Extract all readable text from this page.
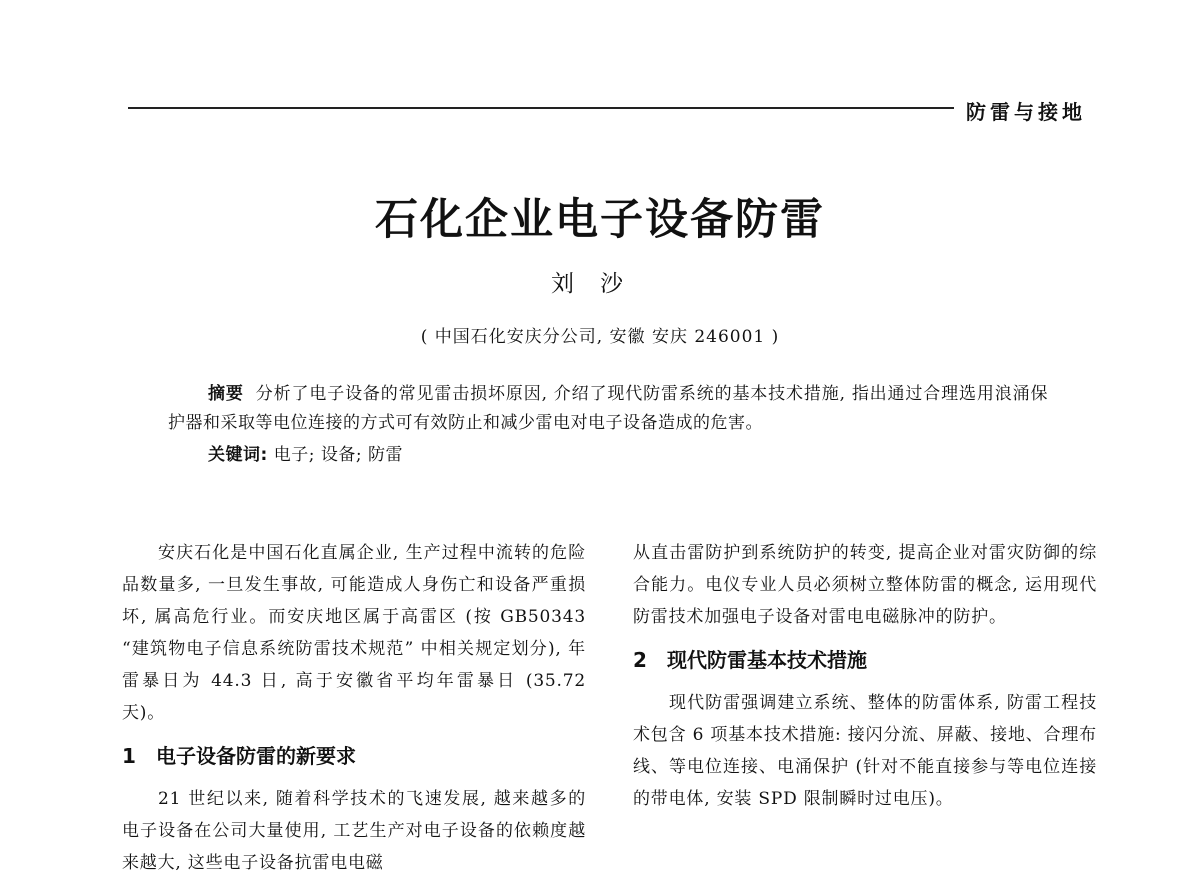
防雷与接地
石化企业电子设备防雷
刘沙
( 中国石化安庆分公司, 安徽 安庆 246001 )

摘要 分析了电子设备的常见雷击损坏原因, 介绍了现代防雷系统的基本技术措施, 指出通过合理选用浪涌保护器和采取等电位连接的方式可有效防止和减少雷电对电子设备造成的危害。

关键词: 电子; 设备; 防雷

安庆石化是中国石化直属企业, 生产过程中流转的危险品数量多, 一旦发生事故, 可能造成人身伤亡和设备严重损坏, 属高危行业。而安庆地区属于高雷区 (按 GB50343 “建筑物电子信息系统防雷技术规范” 中相关规定划分), 年雷暴日为 44.3 日, 高于安徽省平均年雷暴日 (35.72 天)。

1 电子设备防雷的新要求

21 世纪以来, 随着科学技术的飞速发展, 越来越多的电子设备在公司大量使用, 工艺生产对电子设备的依赖度越来越大, 这些电子设备抗雷电电磁

从直击雷防护到系统防护的转变, 提高企业对雷灾防御的综合能力。电仪专业人员必须树立整体防雷的概念, 运用现代防雷技术加强电子设备对雷电电磁脉冲的防护。

2 现代防雷基本技术措施

现代防雷强调建立系统、整体的防雷体系, 防雷工程技术包含 6 项基本技术措施: 接闪分流、屏蔽、接地、合理布线、等电位连接、电涌保护 (针对不能直接参与等电位连接的带电体, 安装 SPD 限制瞬时过电压)。
